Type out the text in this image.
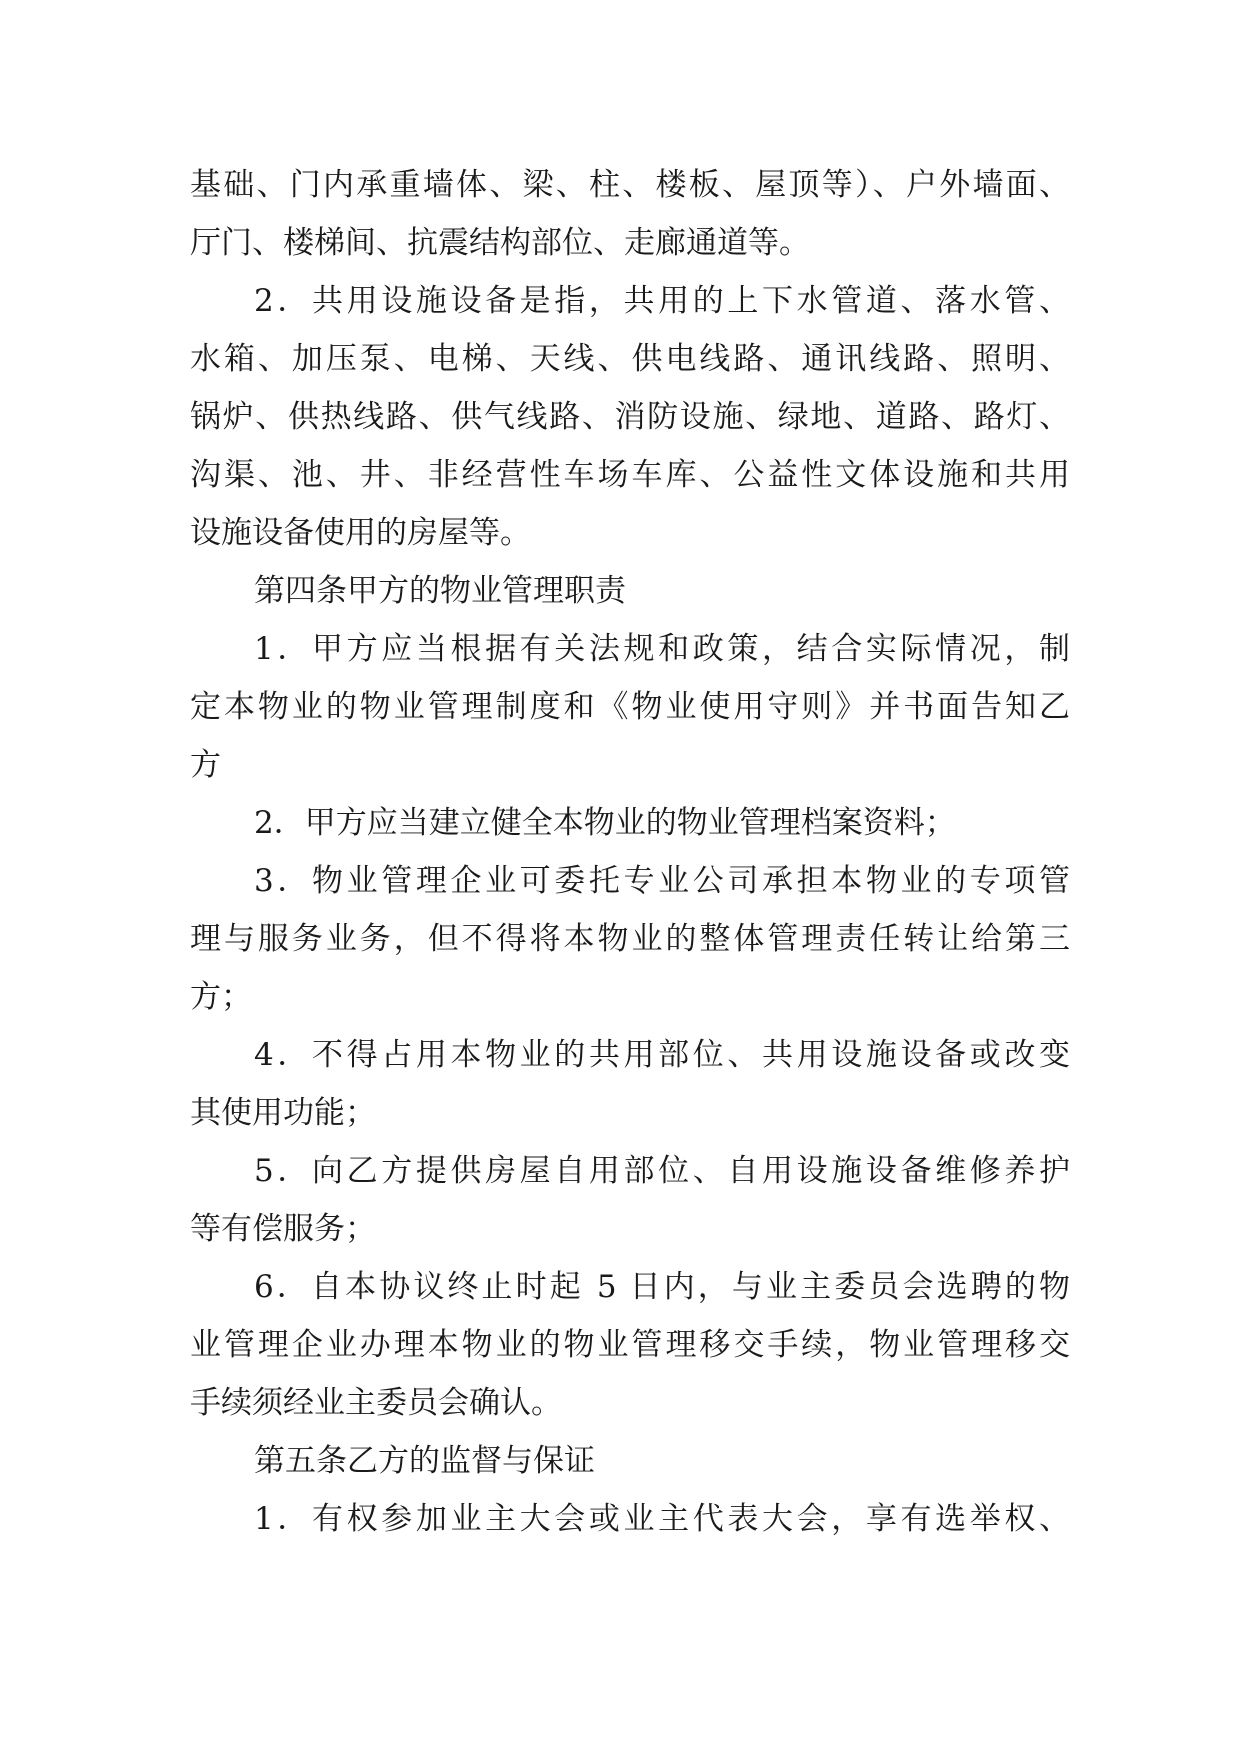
基础、门内承重墙体、梁、柱、楼板、屋顶等）、户外墙面、
厅门、楼梯间、抗震结构部位、走廊通道等。
2．共用设施设备是指，共用的上下水管道、落水管、
水箱、加压泵、电梯、天线、供电线路、通讯线路、照明、
锅炉、供热线路、供气线路、消防设施、绿地、道路、路灯、
沟渠、池、井、非经营性车场车库、公益性文体设施和共用
设施设备使用的房屋等。
第四条甲方的物业管理职责
1．甲方应当根据有关法规和政策，结合实际情况，制
定本物业的物业管理制度和《物业使用守则》并书面告知乙
方
2．甲方应当建立健全本物业的物业管理档案资料；
3．物业管理企业可委托专业公司承担本物业的专项管
理与服务业务，但不得将本物业的整体管理责任转让给第三
方；
4．不得占用本物业的共用部位、共用设施设备或改变
其使用功能；
5．向乙方提供房屋自用部位、自用设施设备维修养护
等有偿服务；
6．自本协议终止时起 5 日内，与业主委员会选聘的物
业管理企业办理本物业的物业管理移交手续，物业管理移交
手续须经业主委员会确认。
第五条乙方的监督与保证
1．有权参加业主大会或业主代表大会，享有选举权、
